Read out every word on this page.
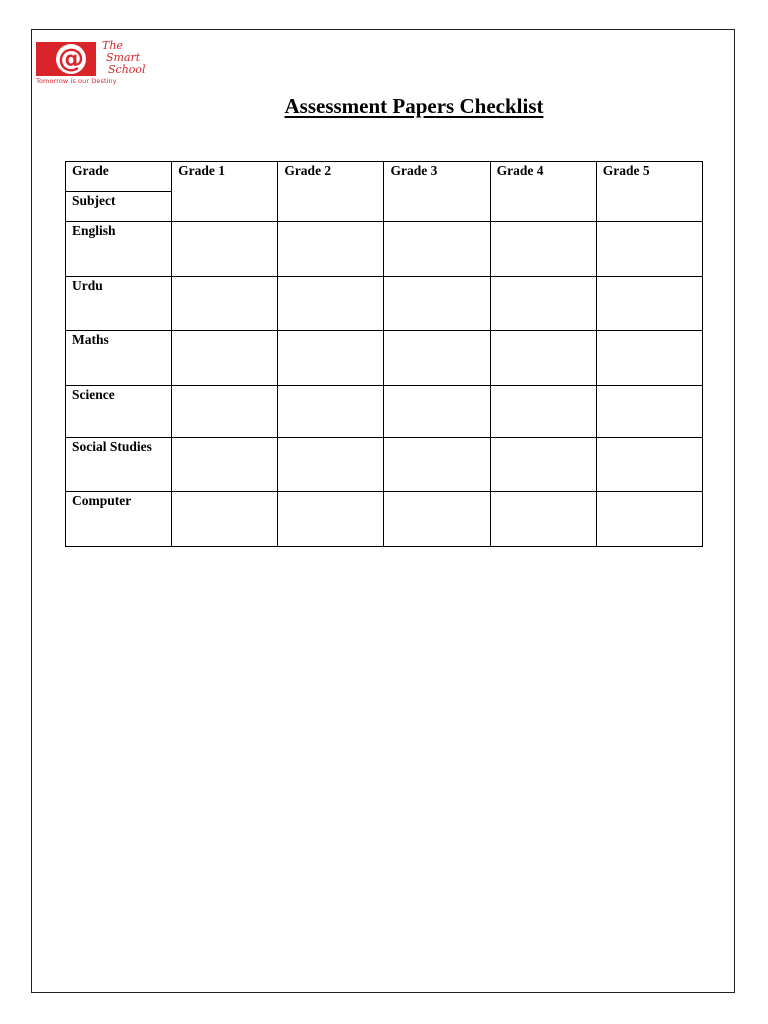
@	The
Smart
School
Tomorrow is our Destiny
Assessment Papers Checklist
Grade	Grade 1	Grade 2	Grade 3	Grade 4	Grade 5
Subject					
English					
Urdu					
Maths					
Science					
Social Studies					
Computer					
